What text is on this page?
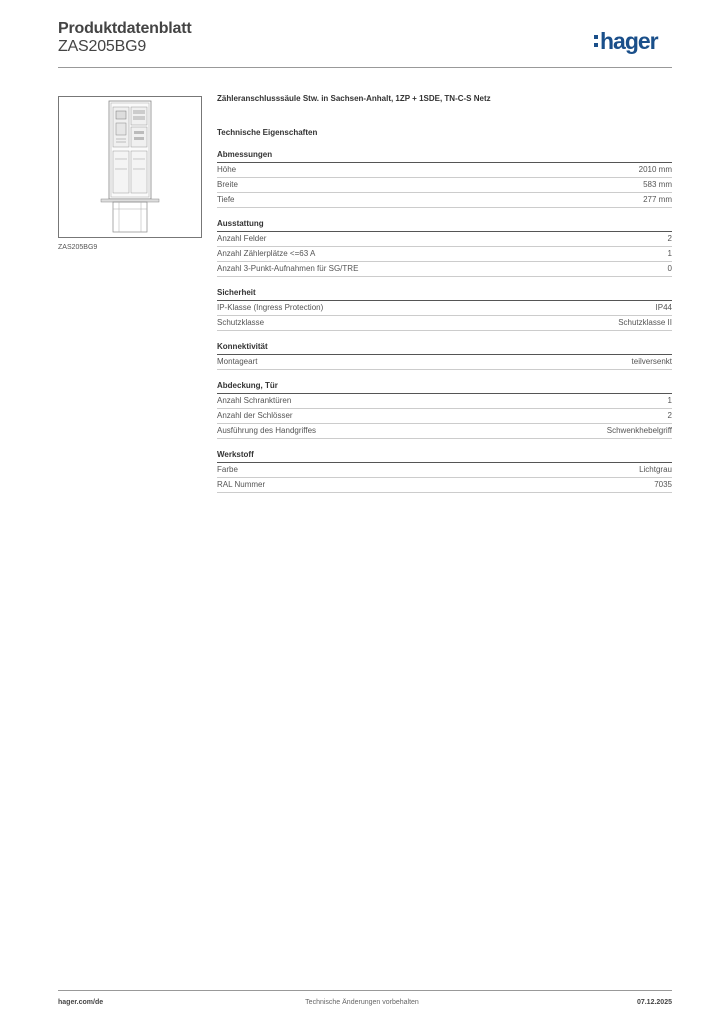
Produktdatenblatt
ZAS205BG9	hager
ZAS205BG9
Zähleranschlusssäule Stw. in Sachsen-Anhalt, 1ZP + 1SDE, TN-C-S Netz
Technische Eigenschaften
Abmessungen
Höhe	2010 mm
Breite	583 mm
Tiefe	277 mm
Ausstattung
Anzahl Felder	2
Anzahl Zählerplätze <=63 A	1
Anzahl 3-Punkt-Aufnahmen für SG/TRE	0
Sicherheit
IP-Klasse (Ingress Protection)	IP44
Schutzklasse	Schutzklasse II
Konnektivität
Montageart	teilversenkt
Abdeckung, Tür
Anzahl Schranktüren	1
Anzahl der Schlösser	2
Ausführung des Handgriffes	Schwenkhebelgriff
Werkstoff
Farbe	Lichtgrau
RAL Nummer	7035
hager.com/de	Technische Änderungen vorbehalten	07.12.2025
